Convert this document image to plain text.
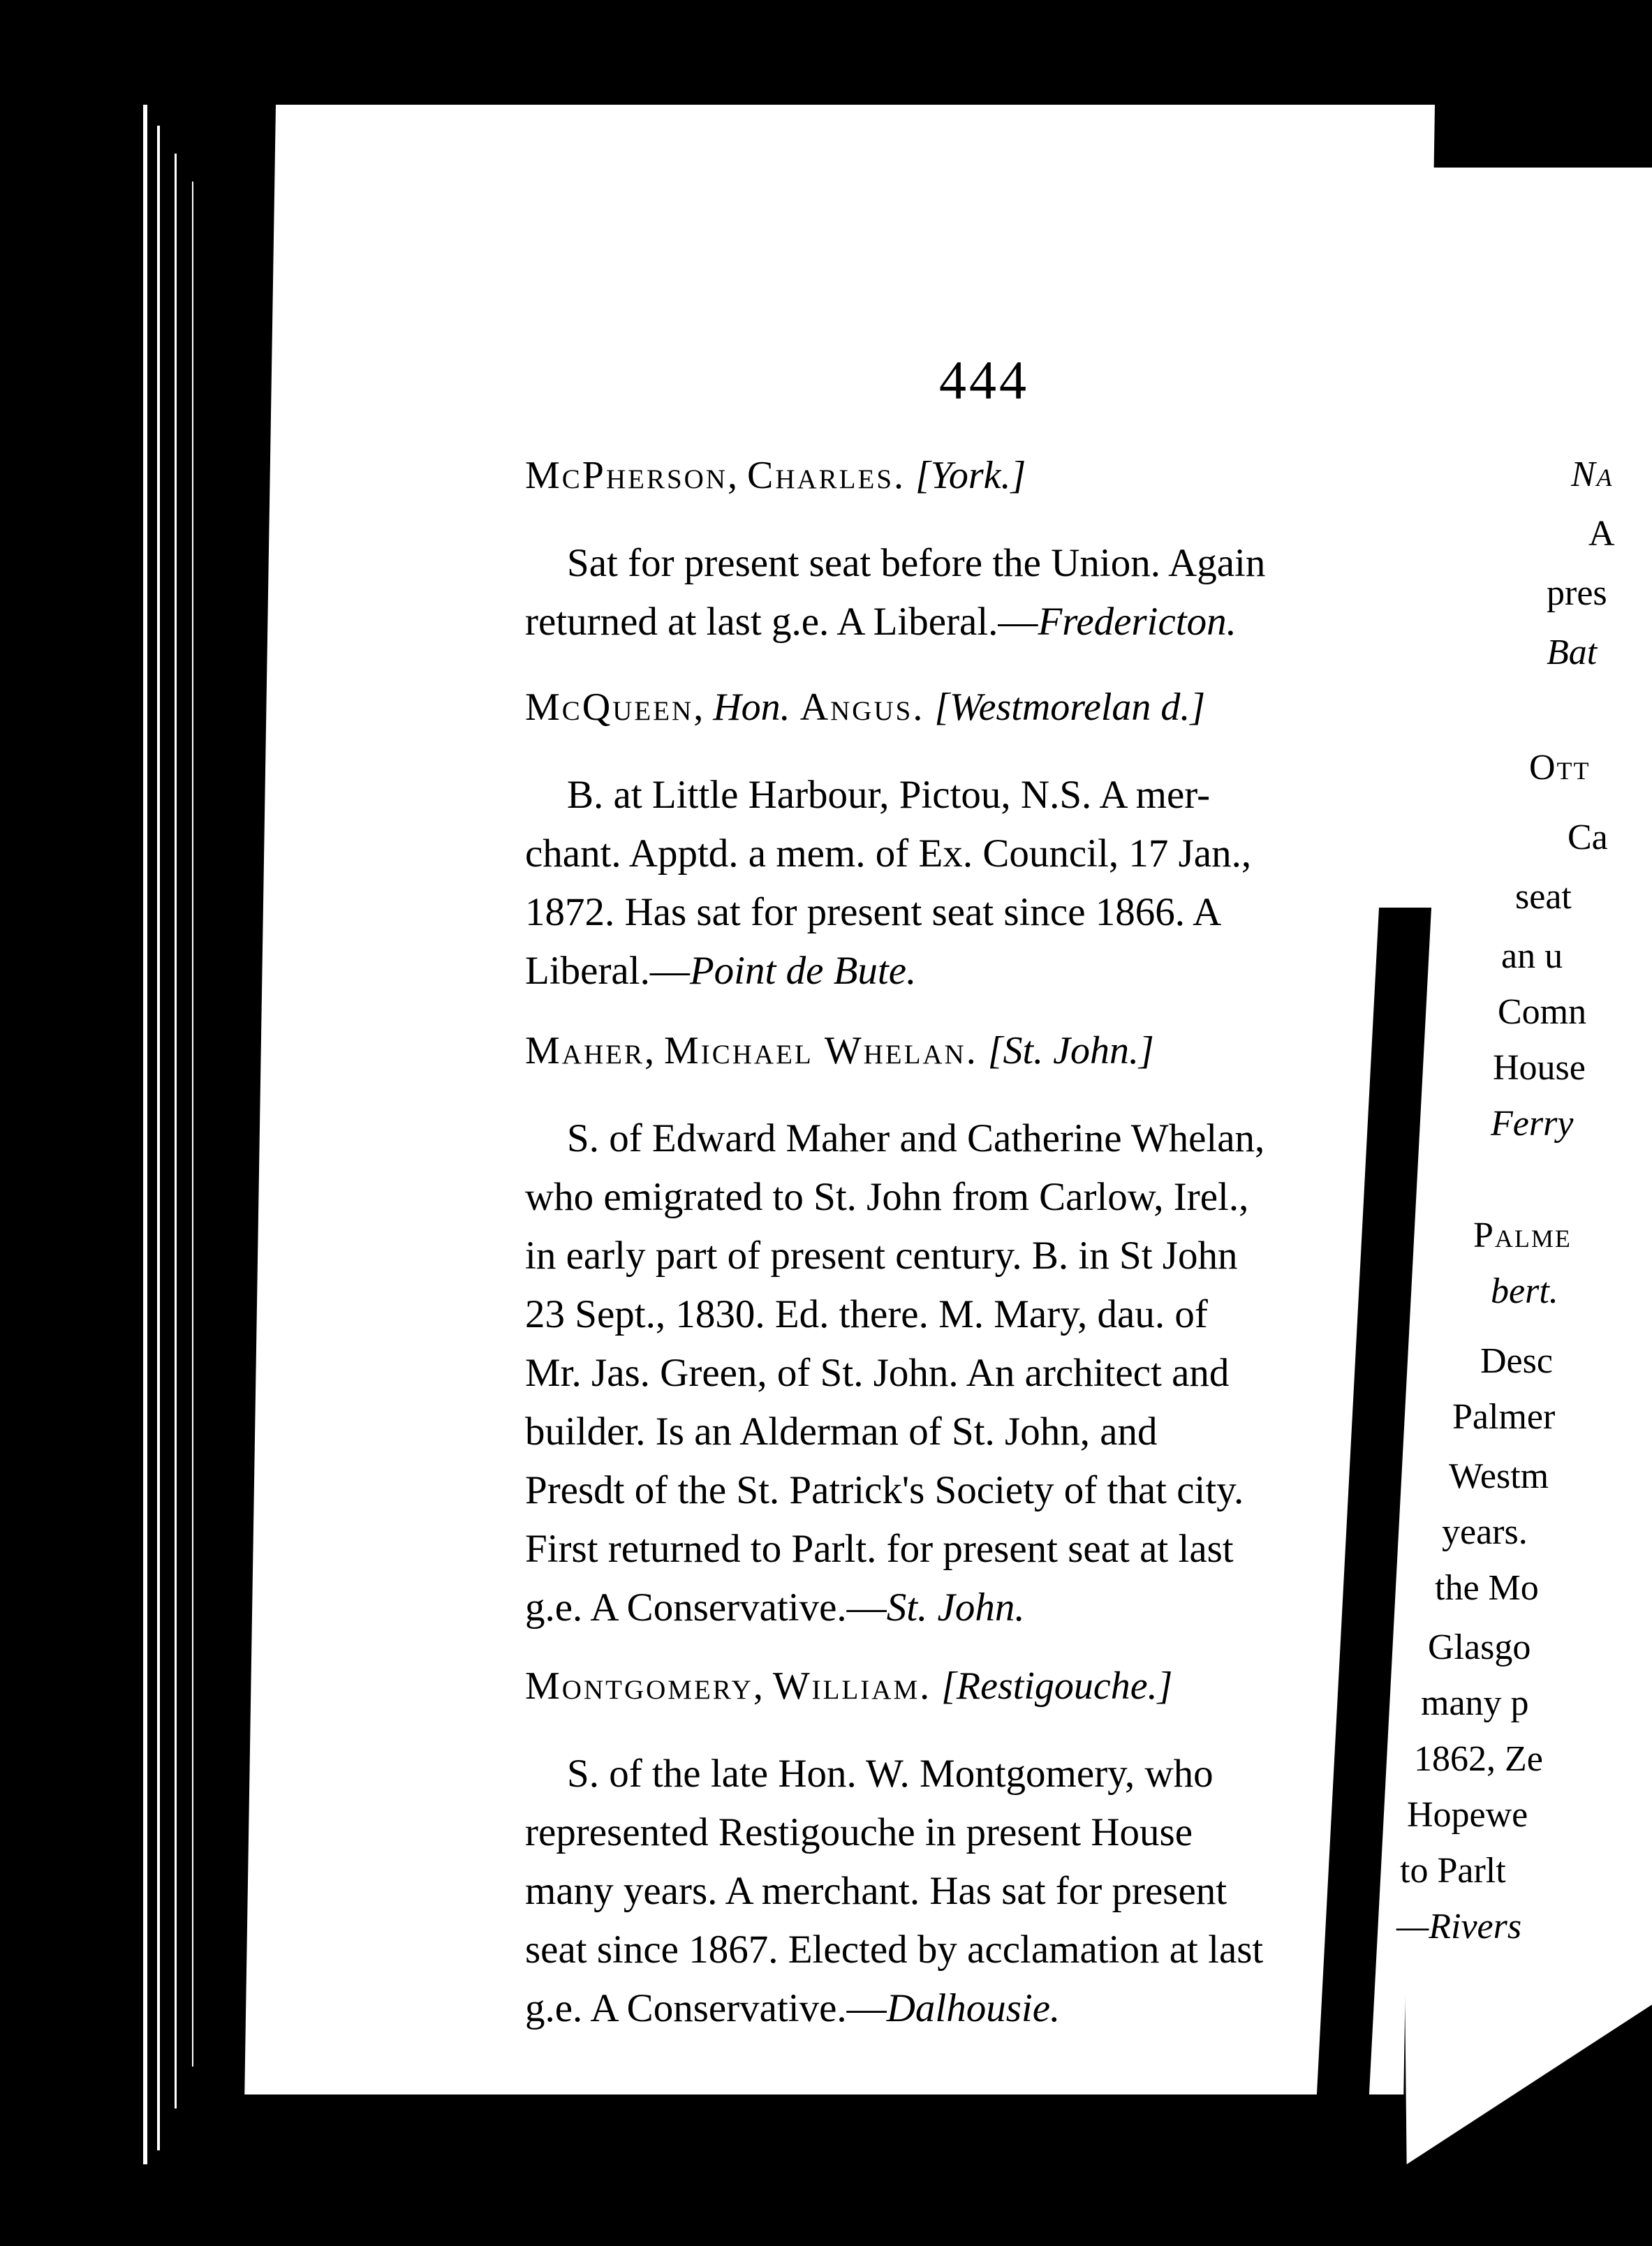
444
McPherson, Charles. [York.]
Sat for present seat before the Union. Again
returned at last g.e. A Liberal.—Fredericton.
McQueen, Hon. Angus. [Westmorelan d.]
B. at Little Harbour, Pictou, N.S. A mer-
chant. Apptd. a mem. of Ex. Council, 17 Jan.,
1872. Has sat for present seat since 1866. A
Liberal.—Point de Bute.
Maher, Michael Whelan. [St. John.]
S. of Edward Maher and Catherine Whelan,
who emigrated to St. John from Carlow, Irel.,
in early part of present century. B. in St John
23 Sept., 1830. Ed. there. M. Mary, dau. of
Mr. Jas. Green, of St. John. An architect and
builder. Is an Alderman of St. John, and
Presdt of the St. Patrick's Society of that city.
First returned to Parlt. for present seat at last
g.e. A Conservative.—St. John.
Montgomery, William. [Restigouche.]
S. of the late Hon. W. Montgomery, who
represented Restigouche in present House
many years. A merchant. Has sat for present
seat since 1867. Elected by acclamation at last
g.e. A Conservative.—Dalhousie.
Na
A
pres
Bat
Ott
Ca
seat
an u
Comn
House
Ferry
Palme
bert.
Desc
Palmer
Westm
years.
the Mo
Glasgo
many p
1862, Ze
Hopewe
to Parlt
—Rivers
